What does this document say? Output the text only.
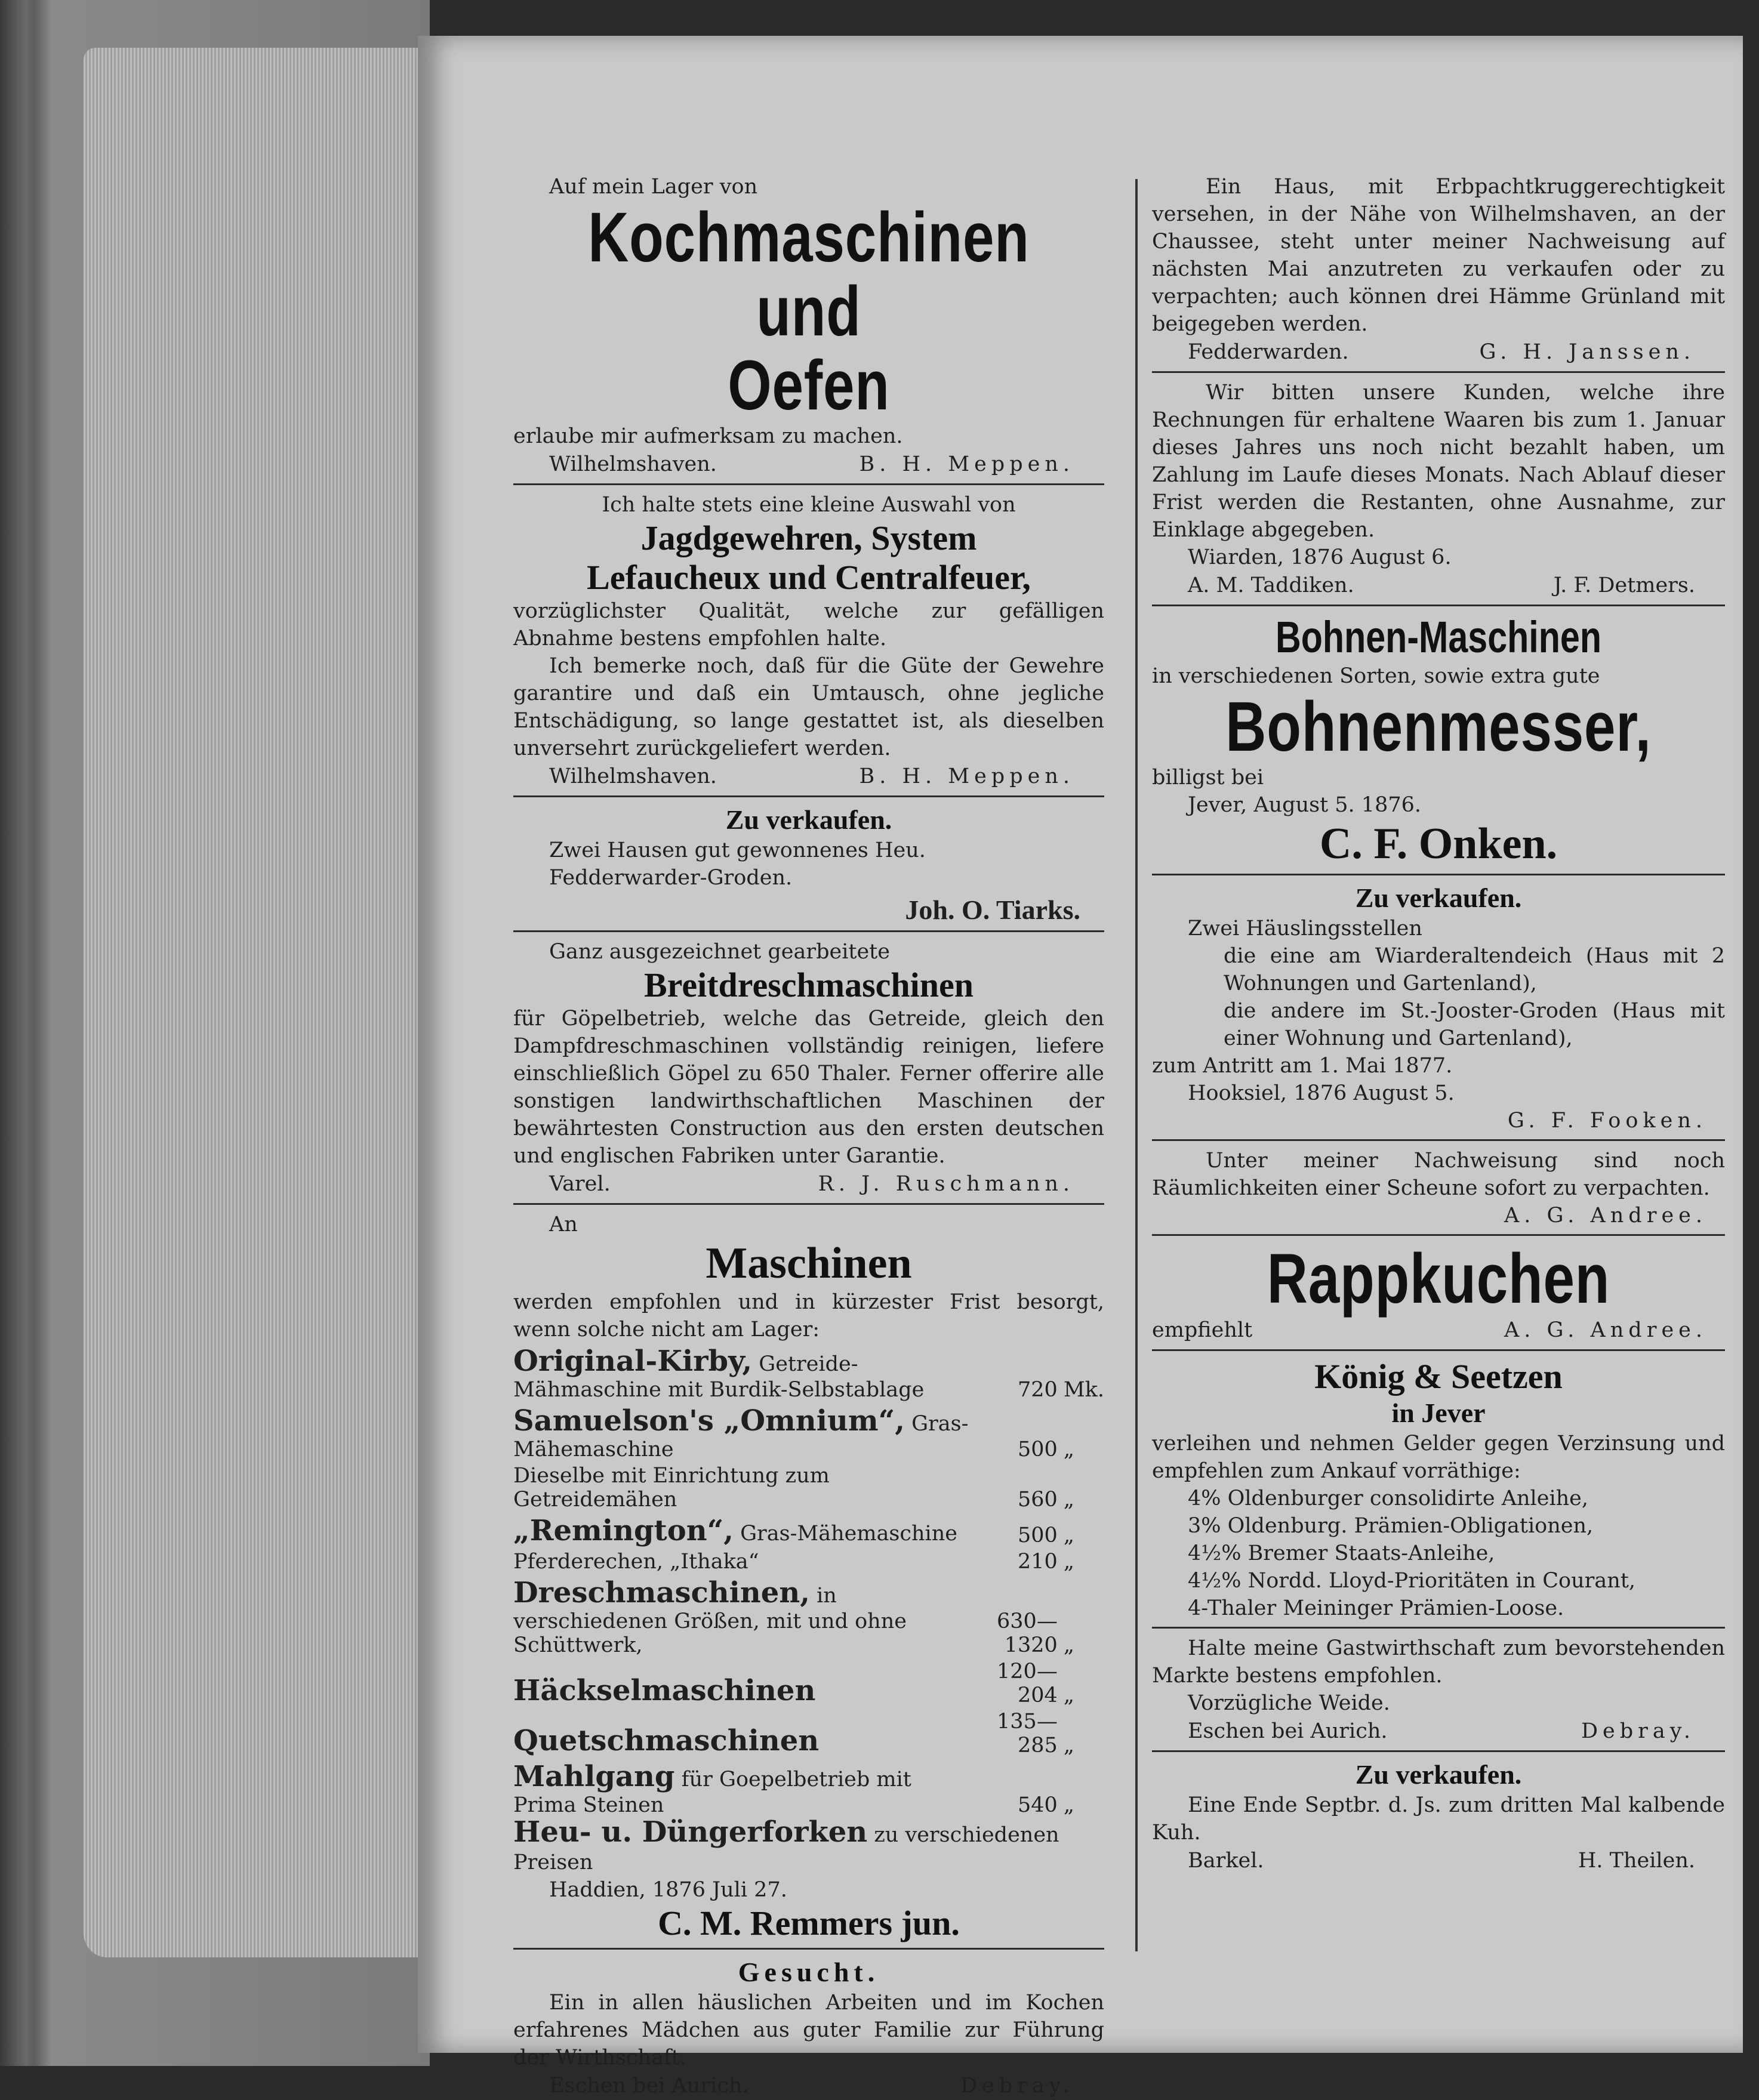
Auf mein Lager von

Kochmaschinen und

Oefen

erlaube mir aufmerksam zu machen.

Wilhelmshaven.	B. H. Meppen.

Ich halte stets eine kleine Auswahl von

Jagdgewehren, System

Lefaucheux und Centralfeuer,

vorzüglichster Qualität, welche zur gefälligen Abnahme bestens empfohlen halte.

Ich bemerke noch, daß für die Güte der Gewehre garantire und daß ein Umtausch, ohne jegliche Entschädigung, so lange gestattet ist, als dieselben unversehrt zurückgeliefert werden.

Wilhelmshaven.	B. H. Meppen.

Zu verkaufen.

Zwei Hausen gut gewonnenes Heu.

Fedderwarder-Groden.

Joh. O. Tiarks.

Ganz ausgezeichnet gearbeitete

Breitdreschmaschinen

für Göpelbetrieb, welche das Getreide, gleich den Dampfdreschmaschinen vollständig reinigen, liefere einschließlich Göpel zu 650 Thaler. Ferner offerire alle sonstigen landwirthschaftlichen Maschinen der bewährtesten Construction aus den ersten deutschen und englischen Fabriken unter Garantie.

Varel.	R. J. Ruschmann.

An

Maschinen

werden empfohlen und in kürzester Frist besorgt, wenn solche nicht am Lager:

Original-Kirby, Getreide-Mähmaschine mit Burdik-Selbstablage	720	Mk.
Samuelson's „Omnium“, Gras-Mähemaschine	500	„
Dieselbe mit Einrichtung zum Getreidemähen	560	„
„Remington“, Gras-Mähemaschine	500	„
Pferderechen, „Ithaka“	210	„
Dreschmaschinen, in verschiedenen Größen, mit und ohne Schüttwerk,	630—1320	„
Häckselmaschinen	120— 204	„
Quetschmaschinen	135— 285	„
Mahlgang für Goepelbetrieb mit Prima Steinen	540	„

Heu- u. Düngerforken zu verschiedenen Preisen

Haddien, 1876 Juli 27.

C. M. Remmers jun.

Gesucht.

Ein in allen häuslichen Arbeiten und im Kochen erfahrenes Mädchen aus guter Familie zur Führung der Wirthschaft.

Eschen bei Aurich.	Debray.

Ein Haus, mit Erbpachtkruggerechtigkeit versehen, in der Nähe von Wilhelmshaven, an der Chaussee, steht unter meiner Nachweisung auf nächsten Mai anzutreten zu verkaufen oder zu verpachten; auch können drei Hämme Grünland mit beigegeben werden.

Fedderwarden.	G. H. Janssen.

Wir bitten unsere Kunden, welche ihre Rechnungen für erhaltene Waaren bis zum 1. Januar dieses Jahres uns noch nicht bezahlt haben, um Zahlung im Laufe dieses Monats. Nach Ablauf dieser Frist werden die Restanten, ohne Ausnahme, zur Einklage abgegeben.

Wiarden, 1876 August 6.

A. M. Taddiken.	J. F. Detmers.

Bohnen-Maschinen

in verschiedenen Sorten, sowie extra gute

Bohnenmesser,

billigst bei

Jever, August 5. 1876.

C. F. Onken.

Zu verkaufen.

Zwei Häuslingsstellen

die eine am Wiarderaltendeich (Haus mit 2 Wohnungen und Gartenland),

die andere im St.-Jooster-Groden (Haus mit einer Wohnung und Gartenland),

zum Antritt am 1. Mai 1877.

Hooksiel, 1876 August 5.

G. F. Fooken.

Unter meiner Nachweisung sind noch Räumlichkeiten einer Scheune sofort zu verpachten.

A. G. Andree.

Rappkuchen

empfiehlt	A. G. Andree.

König & Seetzen

in Jever

verleihen und nehmen Gelder gegen Verzinsung und empfehlen zum Ankauf vorräthige:

4% Oldenburger consolidirte Anleihe,

3% Oldenburg. Prämien-Obligationen,

4½% Bremer Staats-Anleihe,

4½% Nordd. Lloyd-Prioritäten in Courant,

4-Thaler Meininger Prämien-Loose.

Halte meine Gastwirthschaft zum bevorstehenden Markte bestens empfohlen.

Vorzügliche Weide.

Eschen bei Aurich.	Debray.

Zu verkaufen.

Eine Ende Septbr. d. Js. zum dritten Mal kalbende Kuh.

Barkel.	H. Theilen.
